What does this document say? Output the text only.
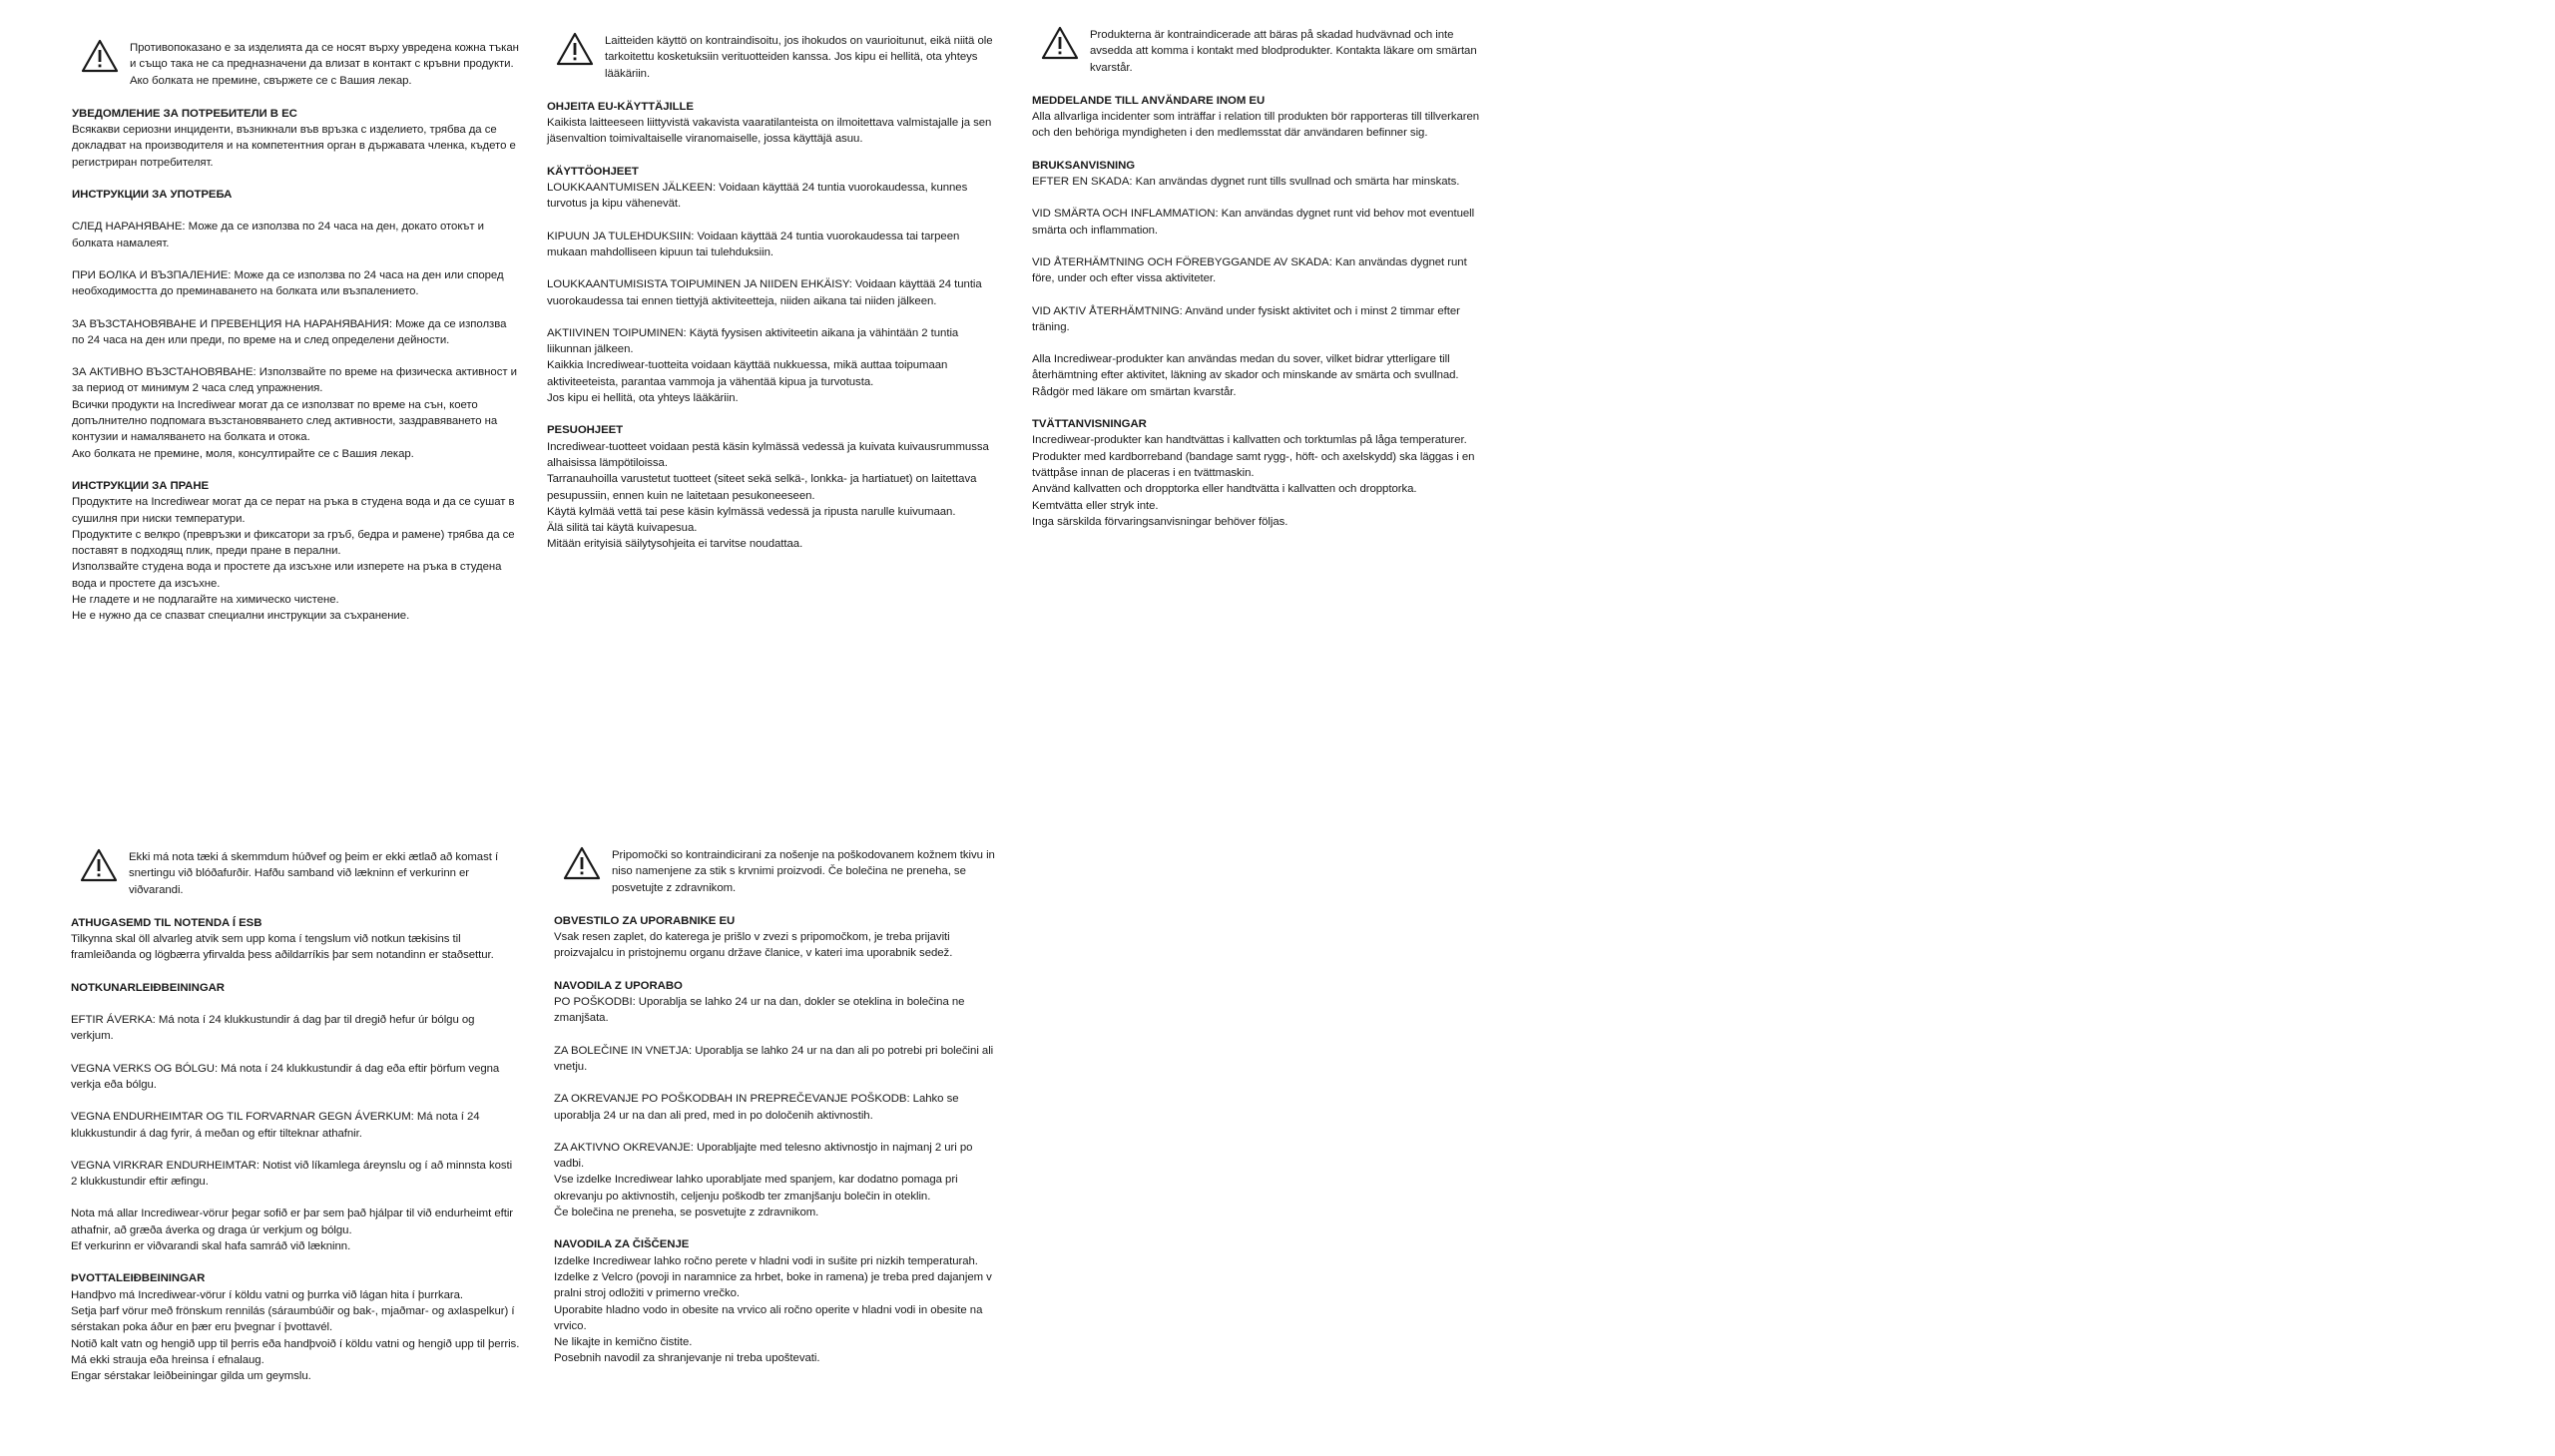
Противопоказано е за изделията да се носят върху увредена кожна тъкан и също така не са предназначени да влизат в контакт с кръвни продукти. Ако болката не премине, свържете се с Вашия лекар.
УВЕДОМЛЕНИЕ ЗА ПОТРЕБИТЕЛИ В ЕС
Всякакви сериозни инциденти, възникнали във връзка с изделието, трябва да се докладват на производителя и на компетентния орган в държавата членка, където е регистриран потребителят.
ИНСТРУКЦИИ ЗА УПОТРЕБА
СЛЕД НАРАНЯВАНЕ: Може да се използва по 24 часа на ден, докато отокът и болката намалеят.
ПРИ БОЛКА И ВЪЗПАЛЕНИЕ: Може да се използва по 24 часа на ден или според необходимостта до преминаването на болката или възпалението.
ЗА ВЪЗСТАНОВЯВАНЕ И ПРЕВЕНЦИЯ НА НАРАНЯВАНИЯ: Може да се използва по 24 часа на ден или преди, по време на и след определени дейности.
ЗА АКТИВНО ВЪЗСТАНОВЯВАНЕ: Използвайте по време на физическа активност и за период от минимум 2 часа след упражнения.
Всички продукти на Incrediwear могат да се използват по време на сън, което допълнително подпомага възстановяването след активности, заздравяването на контузии и намаляването на болката и отока.
Ако болката не премине, моля, консултирайте се с Вашия лекар.
ИНСТРУКЦИИ ЗА ПРАНЕ
Продуктите на Incrediwear могат да се перат на ръка в студена вода и да се сушат в сушилня при ниски температури.
Продуктите с велкро (превръзки и фиксатори за гръб, бедра и рамене) трябва да се поставят в подходящ плик, преди пране в перални.
Използвайте студена вода и простете да изсъхне или изперете на ръка в студена вода и простете да изсъхне.
Не гладете и не подлагайте на химическо чистене.
Не е нужно да се спазват специални инструкции за съхранение.
Laitteiden käyttö on kontraindisoitu, jos ihokudos on vaurioitunut, eikä niitä ole tarkoitettu kosketuksiin verituotteiden kanssa. Jos kipu ei hellitä, ota yhteys lääkäriin.
OHJEITA EU-KÄYTTÄJILLE
Kaikista laitteeseen liittyvistä vakavista vaaratilanteista on ilmoitettava valmistajalle ja sen jäsenvaltion toimivaltaiselle viranomaiselle, jossa käyttäjä asuu.
KÄYTTÖOHJEET
LOUKKAANTUMISEN JÄLKEEN: Voidaan käyttää 24 tuntia vuorokaudessa, kunnes turvotus ja kipu vähenevät.
KIPUUN JA TULEHDUKSIIN: Voidaan käyttää 24 tuntia vuorokaudessa tai tarpeen mukaan mahdolliseen kipuun tai tulehduksiin.
LOUKKAANTUMISISTA TOIPUMINEN JA NIIDEN EHKÄISY: Voidaan käyttää 24 tuntia vuorokaudessa tai ennen tiettyjä aktiviteetteja, niiden aikana tai niiden jälkeen.
AKTIIVINEN TOIPUMINEN: Käytä fyysisen aktiviteetin aikana ja vähintään 2 tuntia liikunnan jälkeen.
Kaikkia Incrediwear-tuotteita voidaan käyttää nukkuessa, mikä auttaa toipumaan aktiviteeteista, parantaa vammoja ja vähentää kipua ja turvotusta.
Jos kipu ei hellitä, ota yhteys lääkäriin.
PESUOHJEET
Incrediwear-tuotteet voidaan pestä käsin kylmässä vedessä ja kuivata kuivausrummussa alhaisissa lämpötiloissa.
Tarranauhoilla varustetut tuotteet (siteet sekä selkä-, lonkka- ja hartiatuet) on laitettava pesupussiin, ennen kuin ne laitetaan pesukoneeseen.
Käytä kylmää vettä tai pese käsin kylmässä vedessä ja ripusta narulle kuivumaan.
Älä silitä tai käytä kuivapesua.
Mitään erityisiä säilytysohjeita ei tarvitse noudattaa.
Produkterna är kontraindicerade att bäras på skadad hudvävnad och inte avsedda att komma i kontakt med blodprodukter. Kontakta läkare om smärtan kvarstår.
MEDDELANDE TILL ANVÄNDARE INOM EU
Alla allvarliga incidenter som inträffar i relation till produkten bör rapporteras till tillverkaren och den behöriga myndigheten i den medlemsstat där användaren befinner sig.
BRUKSANVISNING
EFTER EN SKADA: Kan användas dygnet runt tills svullnad och smärta har minskats.
VID SMÄRTA OCH INFLAMMATION: Kan användas dygnet runt vid behov mot eventuell smärta och inflammation.
VID ÅTERHÄMTNING OCH FÖREBYGGANDE AV SKADA: Kan användas dygnet runt före, under och efter vissa aktiviteter.
VID AKTIV ÅTERHÄMTNING: Använd under fysiskt aktivitet och i minst 2 timmar efter träning.
Alla Incrediwear-produkter kan användas medan du sover, vilket bidrar ytterligare till återhämtning efter aktivitet, läkning av skador och minskande av smärta och svullnad.
Rådgör med läkare om smärtan kvarstår.
TVÄTTANVISNINGAR
Incrediwear-produkter kan handtvättas i kallvatten och torktumlas på låga temperaturer.
Produkter med kardborreband (bandage samt rygg-, höft- och axelskydd) ska läggas i en tvättpåse innan de placeras i en tvättmaskin.
Använd kallvatten och dropptorka eller handtvätta i kallvatten och dropptorka.
Kemtvätta eller stryk inte.
Inga särskilda förvaringsanvisningar behöver följas.
Ekki má nota tæki á skemmdum húðvef og þeim er ekki ætlað að komast í snertingu við blóðafurðir. Hafðu samband við lækninn ef verkurinn er viðvarandi.
ATHUGASEMD TIL NOTENDA Í ESB
Tilkynna skal öll alvarleg atvik sem upp koma í tengslum við notkun tækisins til framleiðanda og lögbærra yfirvalda þess aðildarríkis þar sem notandinn er staðsettur.
NOTKUNARLEIÐBEININGAR
EFTIR ÁVERKA: Má nota í 24 klukkustundir á dag þar til dregið hefur úr bólgu og verkjum.
VEGNA VERKS OG BÓLGU: Má nota í 24 klukkustundir á dag eða eftir þörfum vegna verkja eða bólgu.
VEGNA ENDURHEIMTAR OG TIL FORVARNAR GEGN ÁVERKUM: Má nota í 24 klukkustundir á dag fyrir, á meðan og eftir tilteknar athafnir.
VEGNA VIRKRAR ENDURHEIMTAR: Notist við líkamlega áreynslu og í að minnsta kosti 2 klukkustundir eftir æfingu.
Nota má allar Incrediwear-vörur þegar sofið er þar sem það hjálpar til við endurheimt eftir athafnir, að græða áverka og draga úr verkjum og bólgu.
Ef verkurinn er viðvarandi skal hafa samráð við lækninn.
ÞVOTTALEIÐBEININGAR
Handþvo má Incrediwear-vörur í köldu vatni og þurrka við lágan hita í þurrkara.
Setja þarf vörur með frönskum rennilás (sáraumbúðir og bak-, mjaðmar- og axlaspelkur) í sérstakan poka áður en þær eru þvegnar í þvottavél.
Notið kalt vatn og hengið upp til þerris eða handþvoið í köldu vatni og hengið upp til þerris.
Má ekki strauja eða hreinsa í efnalaug.
Engar sérstakar leiðbeiningar gilda um geymslu.
Pripomočki so kontraindicirani za nošenje na poškodovanem kožnem tkivu in niso namenjene za stik s krvnimi proizvodi. Če bolečina ne preneha, se posvetujte z zdravnikom.
OBVESTILO ZA UPORABNIKE EU
Vsak resen zaplet, do katerega je prišlo v zvezi s pripomočkom, je treba prijaviti proizvajalcu in pristojnemu organu države članice, v kateri ima uporabnik sedež.
NAVODILA Z UPORABO
PO POŠKODBI: Uporablja se lahko 24 ur na dan, dokler se oteklina in bolečina ne zmanjšata.
ZA BOLEČINE IN VNETJA: Uporablja se lahko 24 ur na dan ali po potrebi pri bolečini ali vnetju.
ZA OKREVANJE PO POŠKODBAH IN PREPREČEVANJE POŠKODB: Lahko se uporablja 24 ur na dan ali pred, med in po določenih aktivnostih.
ZA AKTIVNO OKREVANJE: Uporabljajte med telesno aktivnostjo in najmanj 2 uri po vadbi.
Vse izdelke Incrediwear lahko uporabljate med spanjem, kar dodatno pomaga pri okrevanju po aktivnostih, celjenju poškodb ter zmanjšanju bolečin in oteklin.
Če bolečina ne preneha, se posvetujte z zdravnikom.
NAVODILA ZA ČIŠČENJE
Izdelke Incrediwear lahko ročno perete v hladni vodi in sušite pri nizkih temperaturah.
Izdelke z Velcro (povoji in naramnice za hrbet, boke in ramena) je treba pred dajanjem v pralni stroj odložiti v primerno vrečko.
Uporabite hladno vodo in obesite na vrvico ali ročno operite v hladni vodi in obesite na vrvico.
Ne likajte in kemično čistite.
Posebnih navodil za shranjevanje ni treba upoštevati.
